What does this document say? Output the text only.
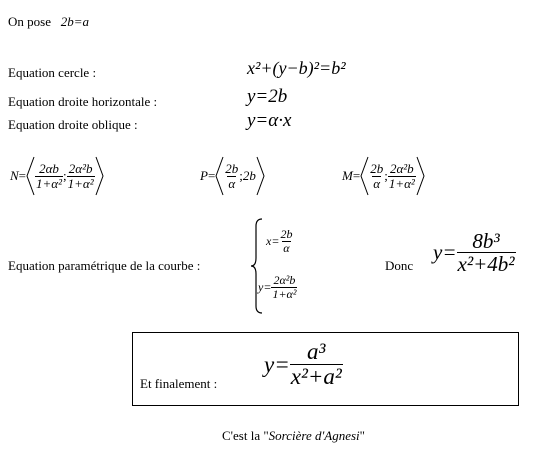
On pose 2b=a
Equation cercle :	x²+(y−b)²=b²
Equation droite horizontale :	y=2b
Equation droite oblique :	y=α·x
$N = \frac{2\alpha b}{\text{1+α²}}$ ; $\frac{\text{2α²b}}{\text{1+α²}}$	$P = \frac{2b}{\alpha}$ ; 2b	$M = \frac{2b}{\alpha}$ ; $\frac{\text{2α²b}}{\text{1+α²}}$
Equation paramétrique de la courbe :
$x= \frac{2b}{\alpha}$
$y= \frac{\text{2α²b}}{\text{1+α²}}$
Donc
$y= \frac{\text{8b³}}{\text{x²+4b²}}$
Et finalement :
$y= \frac{\text{a³}}{\text{x²+a²}}$
C'est la "Sorcière d'Agnesi"
